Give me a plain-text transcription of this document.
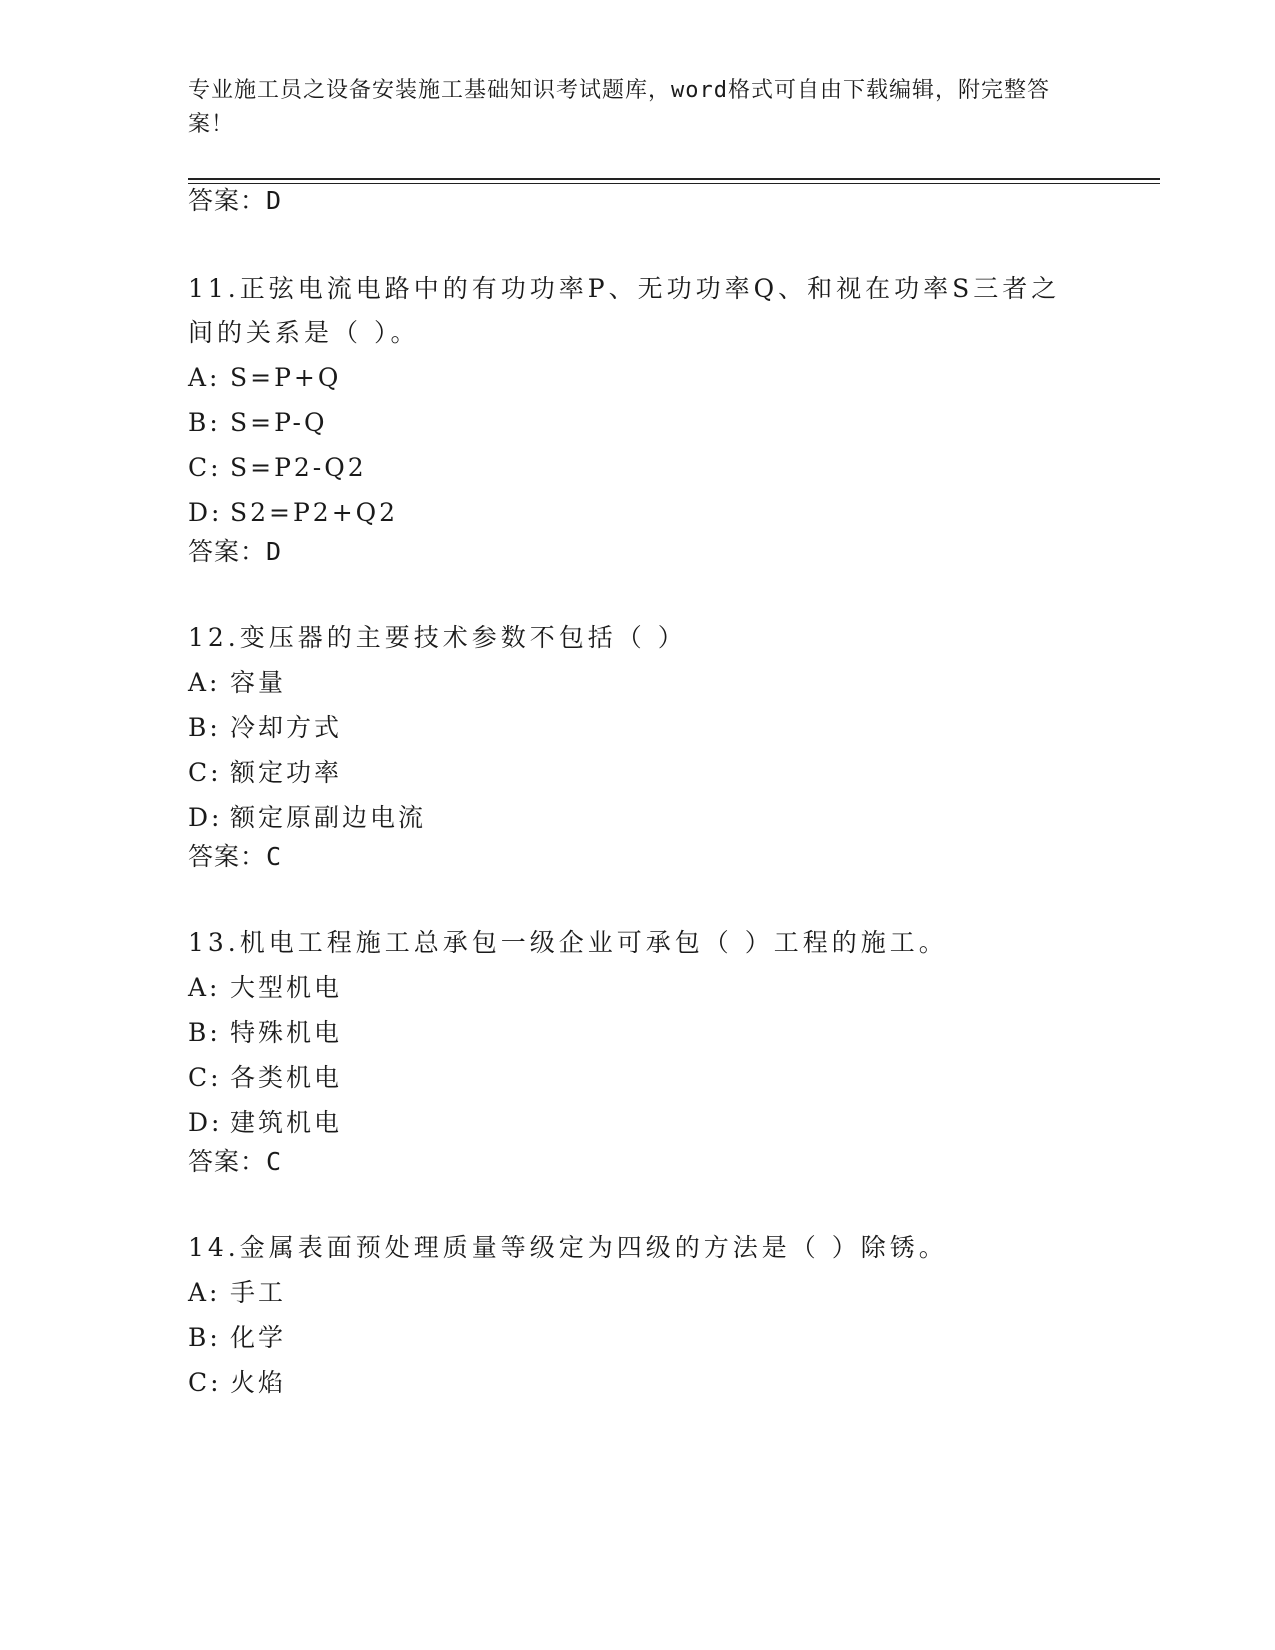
专业施工员之设备安装施工基础知识考试题库，word格式可自由下载编辑，附完整答案！
答案：D
11.正弦电流电路中的有功功率P、无功功率Q、和视在功率S三者之间的关系是（ ）。
A: S=P+Q
B: S=P-Q
C: S=P2-Q2
D: S2=P2+Q2
答案：D
12.变压器的主要技术参数不包括（ ）
A: 容量
B: 冷却方式
C: 额定功率
D: 额定原副边电流
答案：C
13.机电工程施工总承包一级企业可承包（ ）工程的施工。
A: 大型机电
B: 特殊机电
C: 各类机电
D: 建筑机电
答案：C
14.金属表面预处理质量等级定为四级的方法是（ ）除锈。
A: 手工
B: 化学
C: 火焰
